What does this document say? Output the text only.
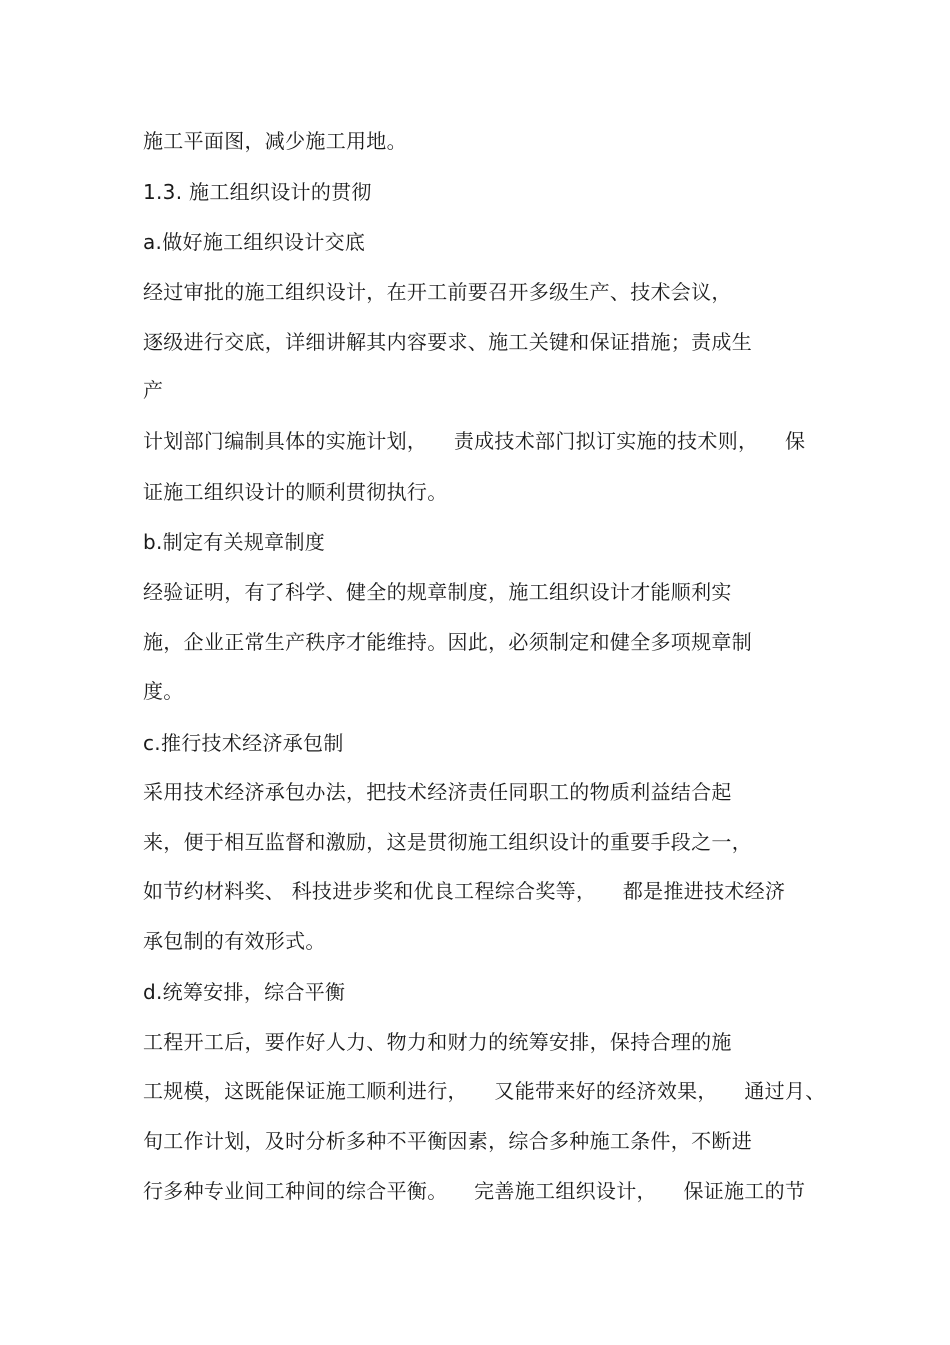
施工平面图，减少施工用地。
1.3. 施工组织设计的贯彻
a.做好施工组织设计交底
经过审批的施工组织设计，在开工前要召开多级生产、技术会议，
逐级进行交底，详细讲解其内容要求、施工关键和保证措施；责成生
产
计划部门编制具体的实施计划，    责成技术部门拟订实施的技术则，    保
证施工组织设计的顺利贯彻执行。
b.制定有关规章制度
经验证明，有了科学、健全的规章制度，施工组织设计才能顺利实
施，企业正常生产秩序才能维持。因此，必须制定和健全多项规章制
度。
c.推行技术经济承包制
采用技术经济承包办法，把技术经济责任同职工的物质利益结合起
来，便于相互监督和激励，这是贯彻施工组织设计的重要手段之一，
如节约材料奖、 科技进步奖和优良工程综合奖等，    都是推进技术经济
承包制的有效形式。
d.统筹安排，综合平衡
工程开工后，要作好人力、物力和财力的统筹安排，保持合理的施
工规模，这既能保证施工顺利进行，    又能带来好的经济效果，    通过月、
旬工作计划，及时分析多种不平衡因素，综合多种施工条件，不断进
行多种专业间工种间的综合平衡。    完善施工组织设计，    保证施工的节
